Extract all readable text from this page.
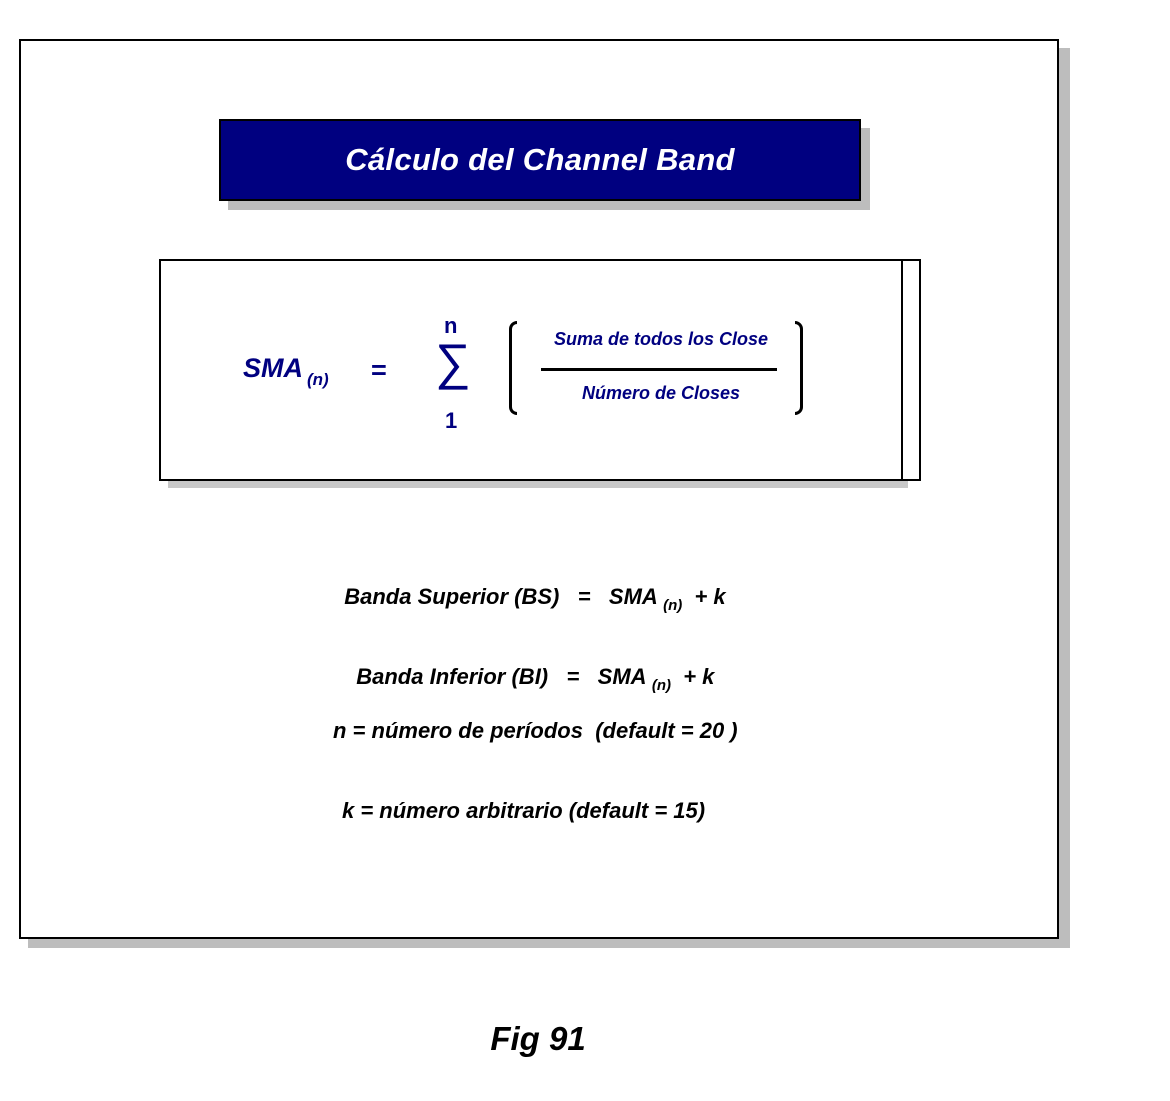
Cálculo del Channel Band
SMA $_{(n)}$ =
n
∑
1
Suma de todos los Close
Número de Closes

Banda Superior (BS)   =   SMA $_{(n)}$  + k

Banda Inferior (BI)   =   SMA $_{(n)}$  + k

n = número de períodos  (default = 20 )
k = número arbitrario (default = 15)
Fig 91
